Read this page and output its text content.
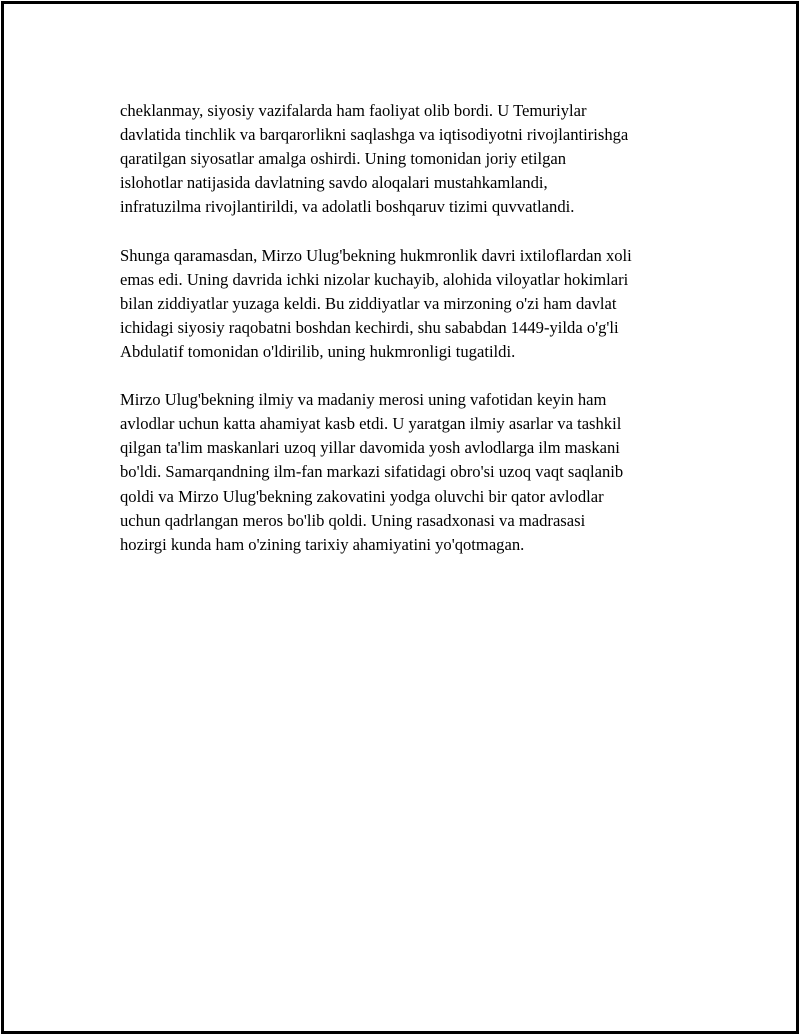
cheklanmay, siyosiy vazifalarda ham faoliyat olib bordi. U Temuriylar
davlatida tinchlik va barqarorlikni saqlashga va iqtisodiyotni rivojlantirishga
qaratilgan siyosatlar amalga oshirdi. Uning tomonidan joriy etilgan
islohotlar natijasida davlatning savdo aloqalari mustahkamlandi,
infratuzilma rivojlantirildi, va adolatli boshqaruv tizimi quvvatlandi.

Shunga qaramasdan, Mirzo Ulug'bekning hukmronlik davri ixtiloflardan xoli
emas edi. Uning davrida ichki nizolar kuchayib, alohida viloyatlar hokimlari
bilan ziddiyatlar yuzaga keldi. Bu ziddiyatlar va mirzoning o'zi ham davlat
ichidagi siyosiy raqobatni boshdan kechirdi, shu sababdan 1449-yilda o'g'li
Abdulatif tomonidan o'ldirilib, uning hukmronligi tugatildi.

Mirzo Ulug'bekning ilmiy va madaniy merosi uning vafotidan keyin ham
avlodlar uchun katta ahamiyat kasb etdi. U yaratgan ilmiy asarlar va tashkil
qilgan ta'lim maskanlari uzoq yillar davomida yosh avlodlarga ilm maskani
bo'ldi. Samarqandning ilm-fan markazi sifatidagi obro'si uzoq vaqt saqlanib
qoldi va Mirzo Ulug'bekning zakovatini yodga oluvchi bir qator avlodlar
uchun qadrlangan meros bo'lib qoldi. Uning rasadxonasi va madrasasi
hozirgi kunda ham o'zining tarixiy ahamiyatini yo'qotmagan.
